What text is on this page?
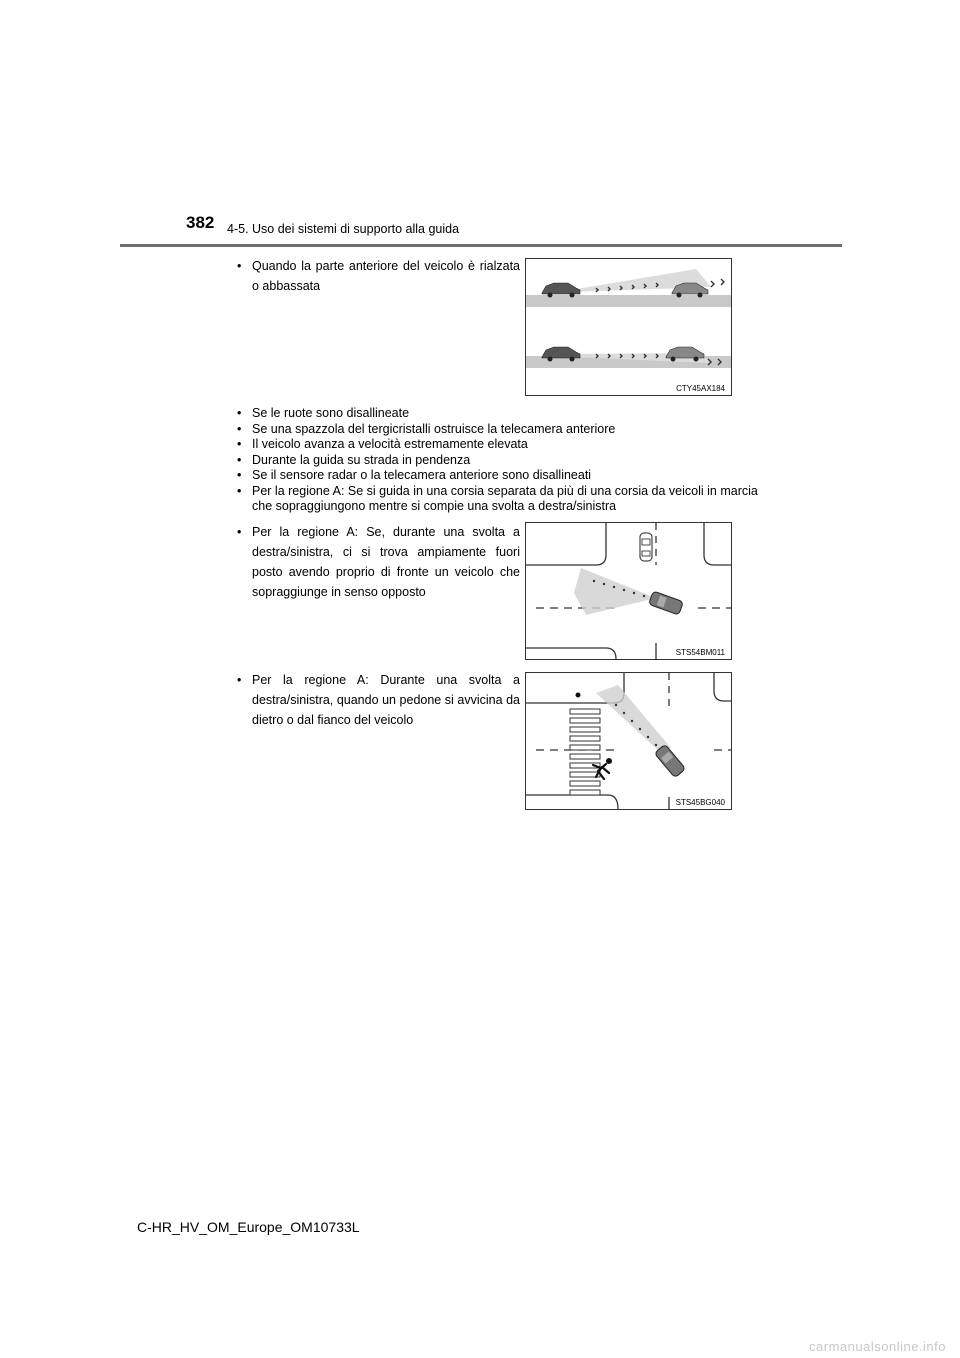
382 4-5. Uso dei sistemi di supporto alla guida
• Quando la parte anteriore del veicolo è rialzata o abbassata
CTY45AX184
• Se le ruote sono disallineate
• Se una spazzola del tergicristalli ostruisce la telecamera anteriore
• Il veicolo avanza a velocità estremamente elevata
• Durante la guida su strada in pendenza
• Se il sensore radar o la telecamera anteriore sono disallineati
• Per la regione A: Se si guida in una corsia separata da più di una corsia da veicoli in marcia che sopraggiungono mentre si compie una svolta a destra/sinistra
• Per la regione A: Se, durante una svolta a destra/sinistra, ci si trova ampiamente fuori posto avendo proprio di fronte un veicolo che sopraggiunge in senso opposto
STS54BM011
• Per la regione A: Durante una svolta a destra/sinistra, quando un pedone si avvicina da dietro o dal fianco del veicolo
STS45BG040
C-HR_HV_OM_Europe_OM10733L
carmanualsonline.info
